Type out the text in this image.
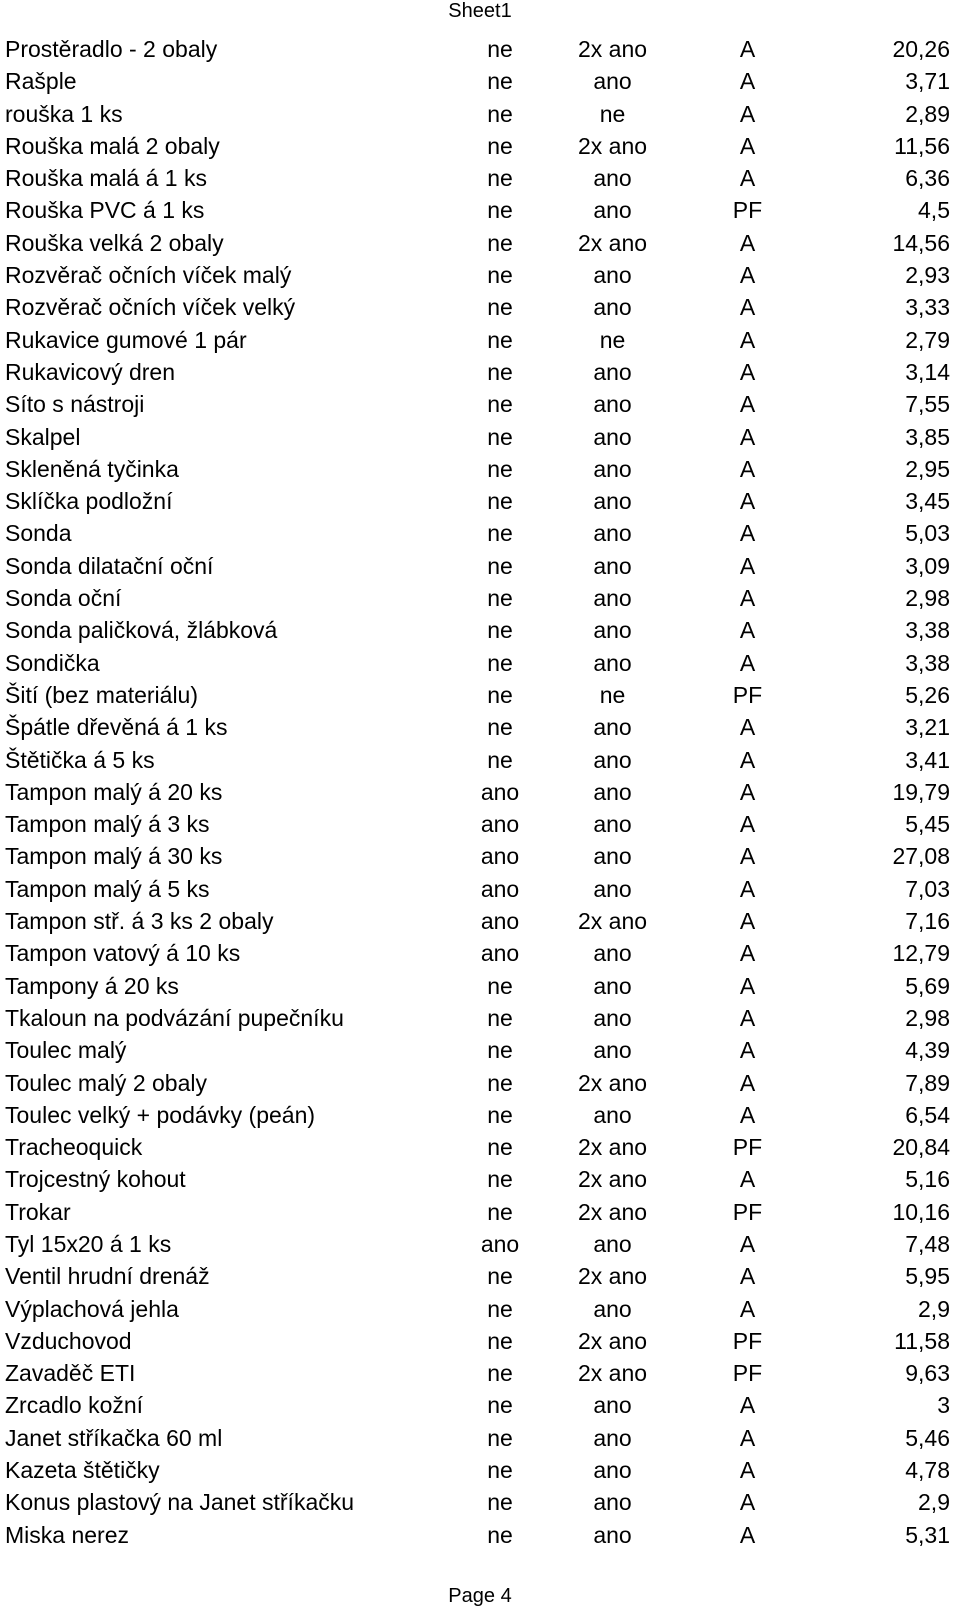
Sheet1
Prostěradlo - 2 obaly	ne	2x ano	A	20,26
Rašple	ne	ano	A	3,71
rouška 1 ks	ne	ne	A	2,89
Rouška malá 2 obaly	ne	2x ano	A	11,56
Rouška malá á 1 ks	ne	ano	A	6,36
Rouška PVC á 1 ks	ne	ano	PF	4,5
Rouška velká 2 obaly	ne	2x ano	A	14,56
Rozvěrač očních víček malý	ne	ano	A	2,93
Rozvěrač očních víček velký	ne	ano	A	3,33
Rukavice gumové 1 pár	ne	ne	A	2,79
Rukavicový dren	ne	ano	A	3,14
Síto s nástroji	ne	ano	A	7,55
Skalpel	ne	ano	A	3,85
Skleněná tyčinka	ne	ano	A	2,95
Sklíčka podložní	ne	ano	A	3,45
Sonda	ne	ano	A	5,03
Sonda dilatační oční	ne	ano	A	3,09
Sonda oční	ne	ano	A	2,98
Sonda paličková, žlábková	ne	ano	A	3,38
Sondička	ne	ano	A	3,38
Šití (bez materiálu)	ne	ne	PF	5,26
Špátle dřevěná á 1 ks	ne	ano	A	3,21
Štětička á 5 ks	ne	ano	A	3,41
Tampon malý á 20 ks	ano	ano	A	19,79
Tampon malý á 3 ks	ano	ano	A	5,45
Tampon malý á 30 ks	ano	ano	A	27,08
Tampon malý á 5 ks	ano	ano	A	7,03
Tampon stř. á 3 ks 2 obaly	ano	2x ano	A	7,16
Tampon vatový á 10 ks	ano	ano	A	12,79
Tampony á 20 ks	ne	ano	A	5,69
Tkaloun na podvázání pupečníku	ne	ano	A	2,98
Toulec malý	ne	ano	A	4,39
Toulec malý 2 obaly	ne	2x ano	A	7,89
Toulec velký + podávky (peán)	ne	ano	A	6,54
Tracheoquick	ne	2x ano	PF	20,84
Trojcestný kohout	ne	2x ano	A	5,16
Trokar	ne	2x ano	PF	10,16
Tyl 15x20 á 1 ks	ano	ano	A	7,48
Ventil hrudní drenáž	ne	2x ano	A	5,95
Výplachová jehla	ne	ano	A	2,9
Vzduchovod	ne	2x ano	PF	11,58
Zavaděč ETI	ne	2x ano	PF	9,63
Zrcadlo kožní	ne	ano	A	3
Janet stříkačka 60 ml	ne	ano	A	5,46
Kazeta štětičky	ne	ano	A	4,78
Konus plastový na Janet stříkačku	ne	ano	A	2,9
Miska nerez	ne	ano	A	5,31
Page 4
